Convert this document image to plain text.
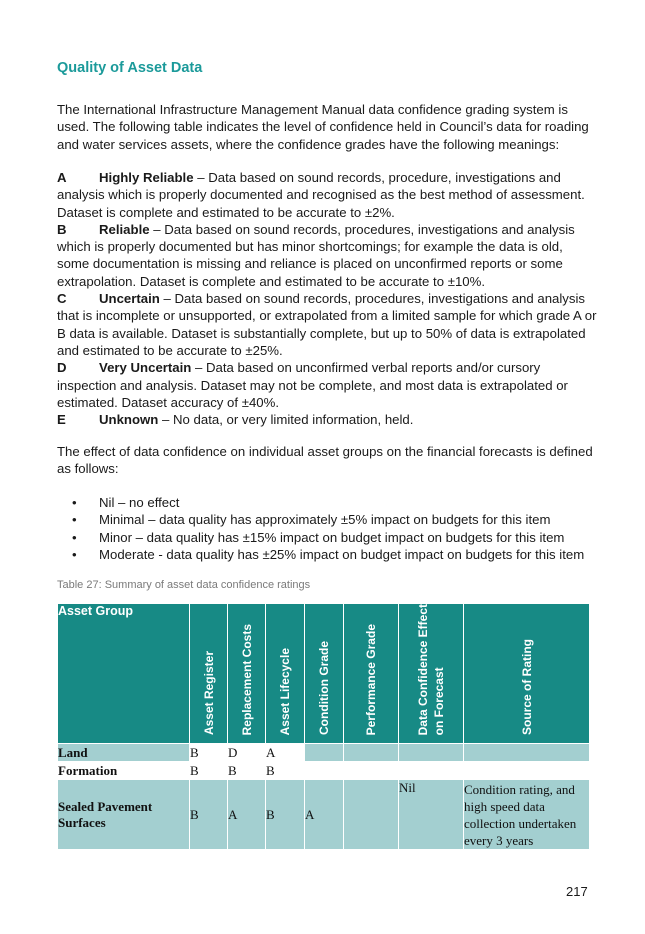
Quality of Asset Data
The International Infrastructure Management Manual data confidence grading system is used. The following table indicates the level of confidence held in Council’s data for roading and water services assets, where the confidence grades have the following meanings:
A Highly Reliable – Data based on sound records, procedure, investigations and analysis which is properly documented and recognised as the best method of assessment. Dataset is complete and estimated to be accurate to ±2%.
B Reliable – Data based on sound records, procedures, investigations and analysis which is properly documented but has minor shortcomings; for example the data is old, some documentation is missing and reliance is placed on unconfirmed reports or some extrapolation. Dataset is complete and estimated to be accurate to ±10%.
C Uncertain – Data based on sound records, procedures, investigations and analysis that is incomplete or unsupported, or extrapolated from a limited sample for which grade A or B data is available. Dataset is substantially complete, but up to 50% of data is extrapolated and estimated to be accurate to ±25%.
D Very Uncertain – Data based on unconfirmed verbal reports and/or cursory inspection and analysis. Dataset may not be complete, and most data is extrapolated or estimated. Dataset accuracy of ±40%.
E	Unknown – No data, or very limited information, held.
The effect of data confidence on individual asset groups on the financial forecasts is defined as follows:
• Nil – no effect
• Minimal – data quality has approximately ±5% impact on budgets for this item
• Minor – data quality has ±15% impact on budget impact on budgets for this item
• Moderate - data quality has ±25% impact on budget impact on budgets for this item
Table 27: Summary of asset data confidence ratings
Asset Group	Asset Register	Replacement Costs	Asset Lifecycle	Condition Grade	Performance Grade	Data Confidence Effect on Forecast	Source of Rating

Land	B	D	A				
Formation	B	B	B				
Sealed Pavement Surfaces	B	A	B	A		Nil	Condition rating, and high speed data collection undertaken every 3 years
217
